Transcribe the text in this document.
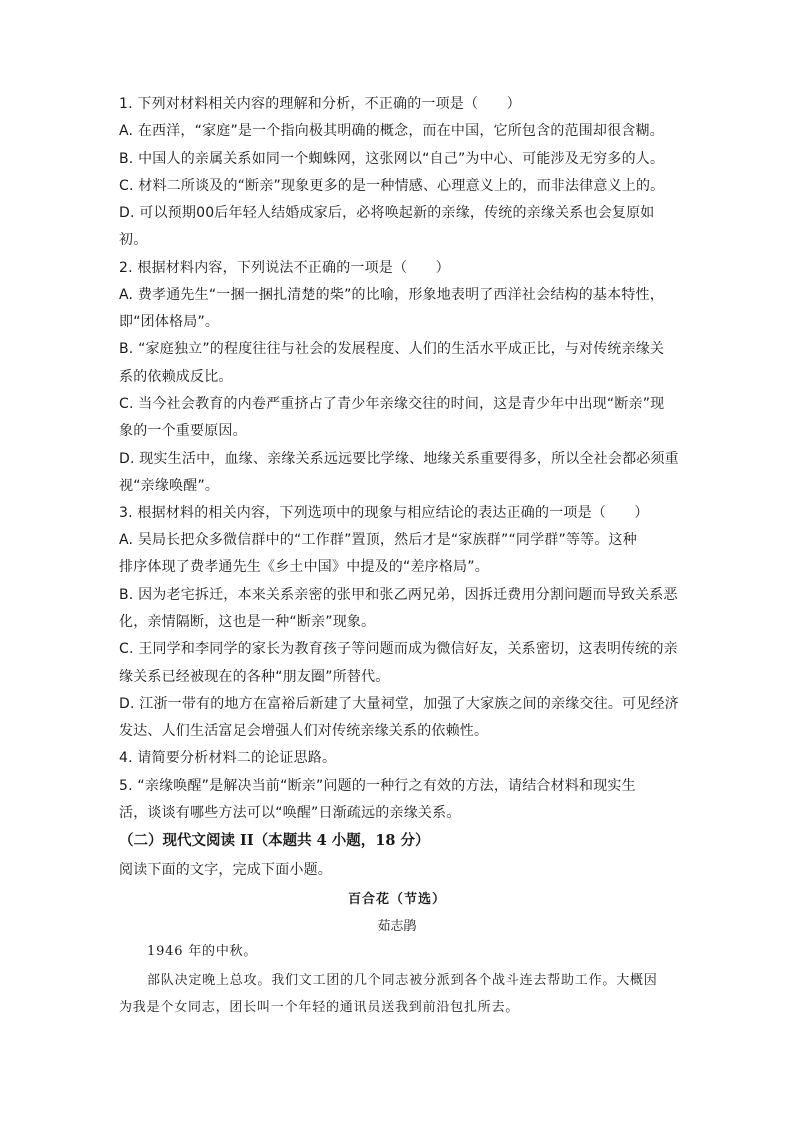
1. 下列对材料相关内容的理解和分析，不正确的一项是（　　）
A. 在西洋，“家庭”是一个指向极其明确的概念，而在中国，它所包含的范围却很含糊。
B. 中国人的亲属关系如同一个蜘蛛网，这张网以“自己”为中心、可能涉及无穷多的人。
C. 材料二所谈及的“断亲”现象更多的是一种情感、心理意义上的，而非法律意义上的。
D. 可以预期00后年轻人结婚成家后，必将唤起新的亲缘，传统的亲缘关系也会复原如
初。
2. 根据材料内容，下列说法不正确的一项是（　　）
A. 费孝通先生“一捆一捆扎清楚的柴”的比喻，形象地表明了西洋社会结构的基本特性，
即“团体格局”。
B. “家庭独立”的程度往往与社会的发展程度、人们的生活水平成正比，与对传统亲缘关
系的依赖成反比。
C. 当今社会教育的内卷严重挤占了青少年亲缘交往的时间，这是青少年中出现“断亲”现
象的一个重要原因。
D. 现实生活中，血缘、亲缘关系远远要比学缘、地缘关系重要得多，所以全社会都必须重
视“亲缘唤醒”。
3. 根据材料的相关内容，下列选项中的现象与相应结论的表达正确的一项是（　　）
A. 吴局长把众多微信群中的“工作群”置顶，然后才是“家族群”“同学群”等等。这种
排序体现了费孝通先生《乡土中国》中提及的“差序格局”。
B. 因为老宅拆迁，本来关系亲密的张甲和张乙两兄弟，因拆迁费用分割问题而导致关系恶
化，亲情隔断，这也是一种“断亲”现象。
C. 王同学和李同学的家长为教育孩子等问题而成为微信好友，关系密切，这表明传统的亲
缘关系已经被现在的各种“朋友圈”所替代。
D. 江浙一带有的地方在富裕后新建了大量祠堂，加强了大家族之间的亲缘交往。可见经济
发达、人们生活富足会增强人们对传统亲缘关系的依赖性。
4. 请简要分析材料二的论证思路。
5. “亲缘唤醒”是解决当前“断亲”问题的一种行之有效的方法，请结合材料和现实生
活，谈谈有哪些方法可以“唤醒”日渐疏远的亲缘关系。
（二）现代文阅读 II（本题共 4 小题，18 分）
阅读下面的文字，完成下面小题。
百合花（节选）
茹志鹃
1946 年的中秋。
部队决定晚上总攻。我们文工团的几个同志被分派到各个战斗连去帮助工作。大概因
为我是个女同志，团长叫一个年轻的通讯员送我到前沿包扎所去。
